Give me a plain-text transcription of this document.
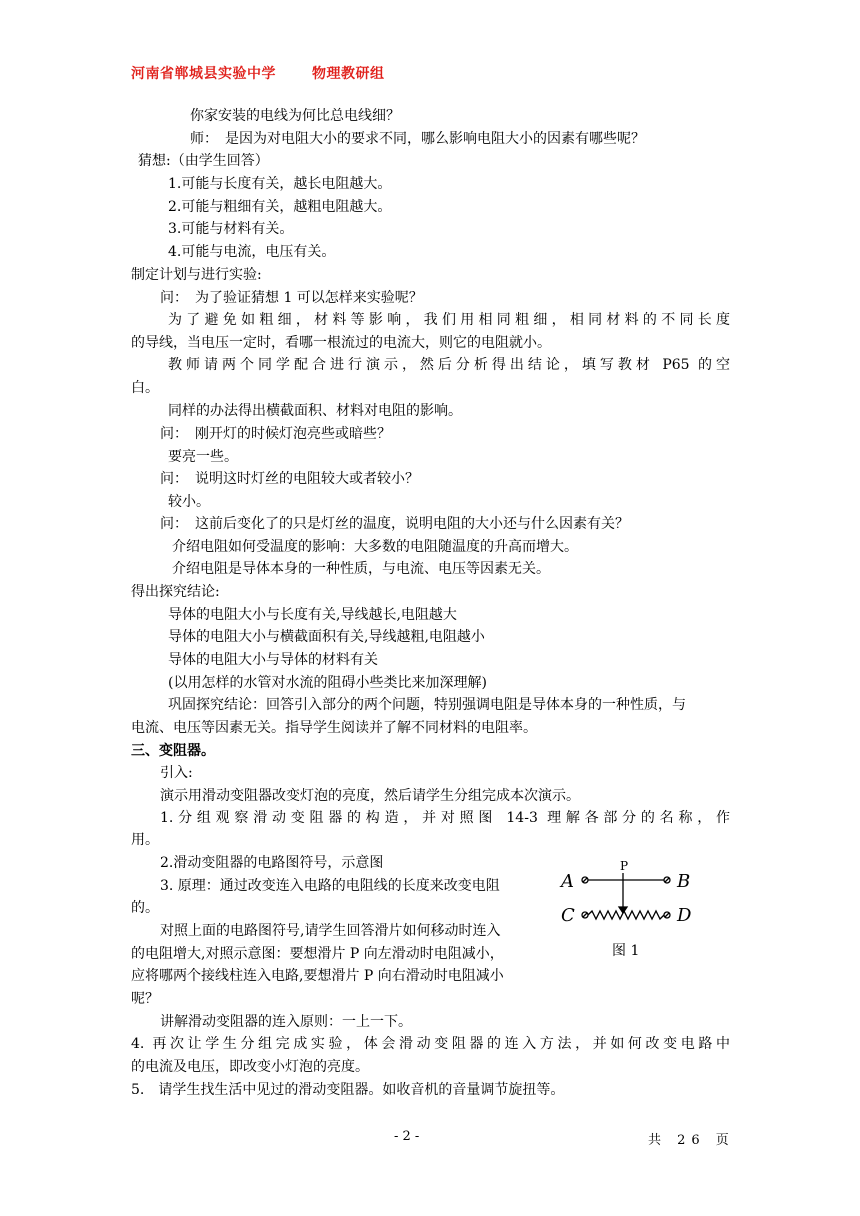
河南省郸城县实验中学	物理教研组
你家安装的电线为何比总电线细？
师：　是因为对电阻大小的要求不同，哪么影响电阻大小的因素有哪些呢？
猜想:（由学生回答）
1.可能与长度有关，越长电阻越大。
2.可能与粗细有关，越粗电阻越大。
3.可能与材料有关。
4.可能与电流，电压有关。
制定计划与进行实验:
问：　为了验证猜想 1 可以怎样来实验呢？
为了避免如粗细，材料等影响，我们用相同粗细，相同材料的不同长度
的导线，当电压一定时，看哪一根流过的电流大，则它的电阻就小。
教师请两个同学配合进行演示，然后分析得出结论，填写教材 P65 的空
白。
同样的办法得出横截面积、材料对电阻的影响。
问：　刚开灯的时候灯泡亮些或暗些？
要亮一些。
问：　说明这时灯丝的电阻较大或者较小？
较小。
问：　这前后变化了的只是灯丝的温度，说明电阻的大小还与什么因素有关？
介绍电阻如何受温度的影响：大多数的电阻随温度的升高而增大。
介绍电阻是导体本身的一种性质，与电流、电压等因素无关。
得出探究结论:
导体的电阻大小与长度有关,导线越长,电阻越大
导体的电阻大小与横截面积有关,导线越粗,电阻越小
导体的电阻大小与导体的材料有关
(以用怎样的水管对水流的阻碍小些类比来加深理解)
巩固探究结论：回答引入部分的两个问题，特别强调电阻是导体本身的一种性质，与
电流、电压等因素无关。指导学生阅读并了解不同材料的电阻率。
三、变阻器。
引入:
演示用滑动变阻器改变灯泡的亮度，然后请学生分组完成本次演示。
1.分组观察滑动变阻器的构造，并对照图 14-3 理解各部分的名称，作
用。
2.滑动变阻器的电路图符号，示意图
3. 原理：通过改变连入电路的电阻线的长度来改变电阻
的。
对照上面的电路图符号,请学生回答滑片如何移动时连入
的电阻增大,对照示意图：要想滑片 P 向左滑动时电阻减小，
应将哪两个接线柱连入电路,要想滑片 P 向右滑动时电阻减小
呢？
讲解滑动变阻器的连入原则：一上一下。
4. 再次让学生分组完成实验，体会滑动变阻器的连入方法，并如何改变电路中
的电流及电压，即改变小灯泡的亮度。
5.　请学生找生活中见过的滑动变阻器。如收音机的音量调节旋扭等。
P
A	B
C	D
图 1
- 2 -	共 26 页
